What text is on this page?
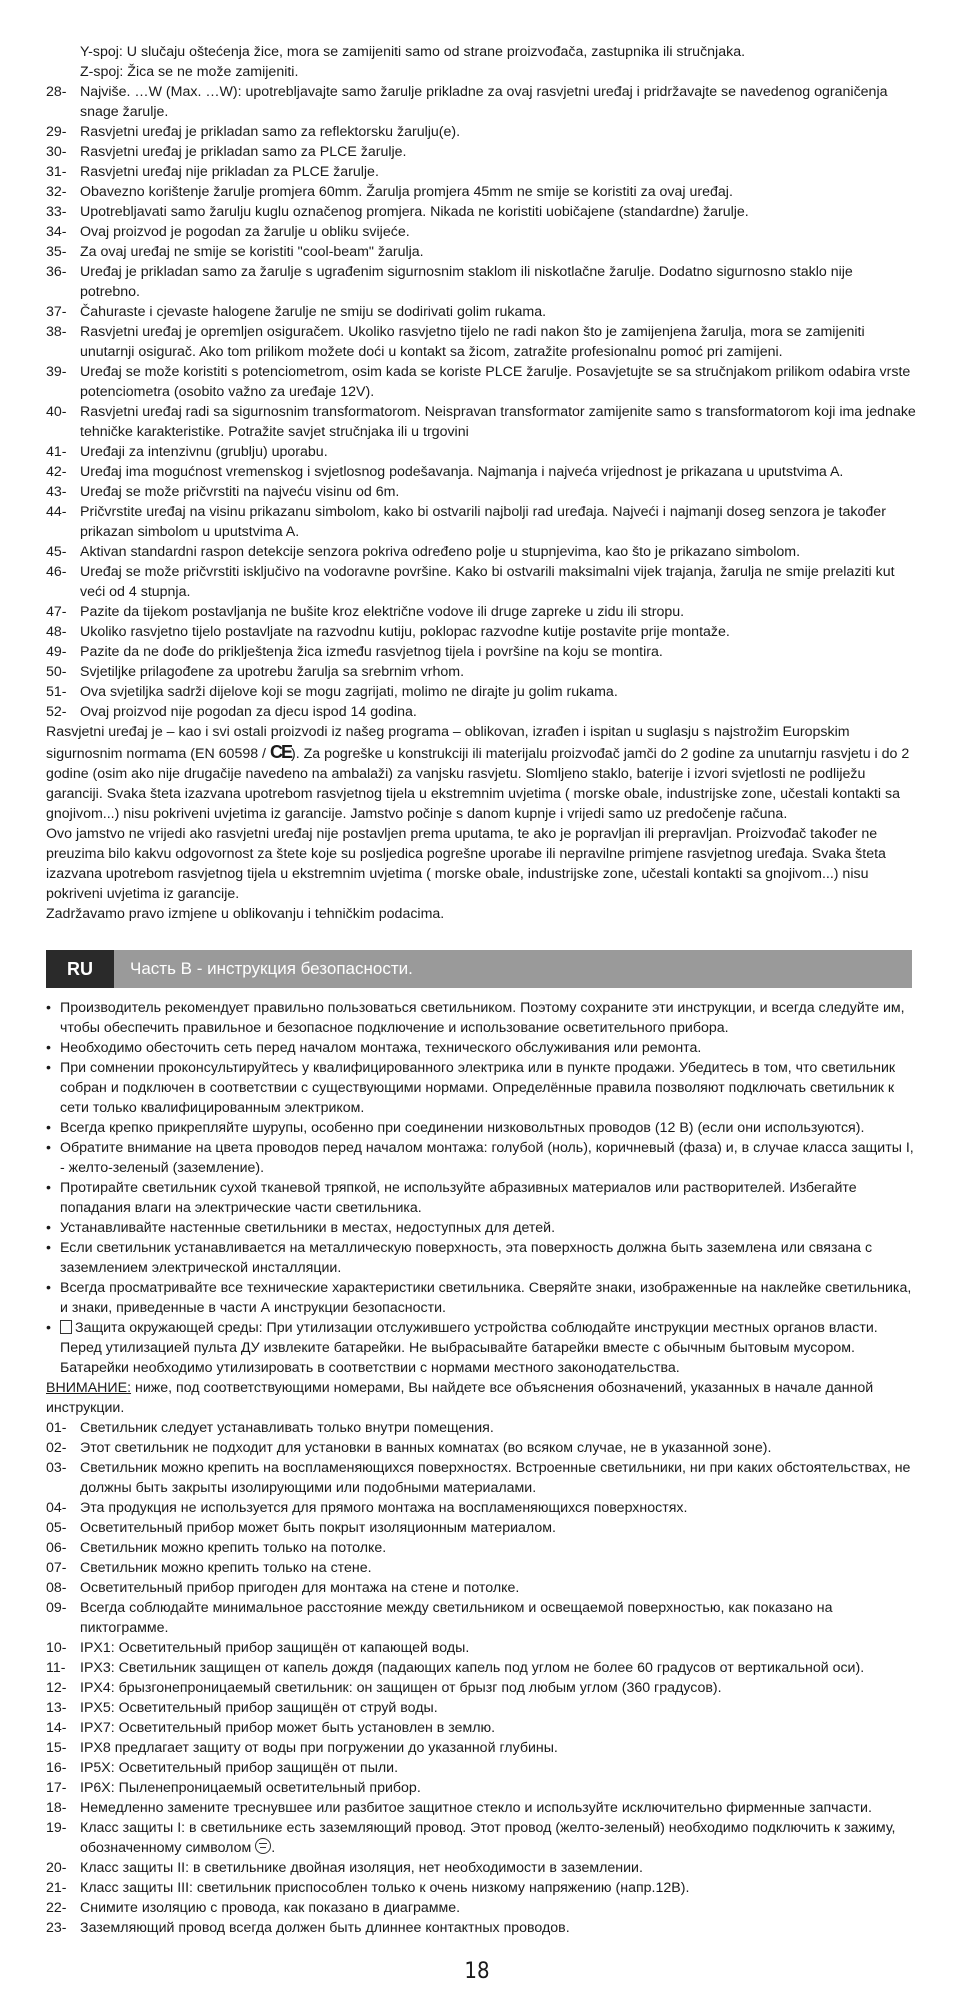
Y-spoj: U slučaju oštećenja žice, mora se zamijeniti samo od strane proizvođača, zastupnika ili stručnjaka.
Z-spoj: Žica se ne može zamijeniti.
28- Najviše. …W (Max. …W): upotrebljavajte samo žarulje prikladne za ovaj rasvjetni uređaj i pridržavajte se navedenog ograničenja snage žarulje.
29- Rasvjetni uređaj je prikladan samo za reflektorsku žarulju(e).
30- Rasvjetni uređaj je prikladan samo za PLCE žarulje.
31- Rasvjetni uređaj nije prikladan za PLCE žarulje.
32- Obavezno korištenje žarulje promjera 60mm. Žarulja promjera 45mm ne smije se koristiti za ovaj uređaj.
33- Upotrebljavati samo žarulju kuglu označenog promjera. Nikada ne koristiti uobičajene (standardne) žarulje.
34- Ovaj proizvod je pogodan za žarulje u obliku svijeće.
35- Za ovaj uređaj ne smije se koristiti "cool-beam" žarulja.
36- Uređaj je prikladan samo za žarulje s ugrađenim sigurnosnim staklom ili niskotlačne žarulje. Dodatno sigurnosno staklo nije potrebno.
37- Čahuraste i cjevaste halogene žarulje ne smiju se dodirivati golim rukama.
38- Rasvjetni uređaj je opremljen osiguračem. Ukoliko rasvjetno tijelo ne radi nakon što je zamijenjena žarulja, mora se zamijeniti unutarnji osigurač. Ako tom prilikom možete doći u kontakt sa žicom, zatražite profesionalnu pomoć pri zamijeni.
39- Uređaj se može koristiti s potenciometrom, osim kada se koriste PLCE žarulje. Posavjetujte se sa stručnjakom prilikom odabira vrste potenciometra (osobito važno za uređaje 12V).
40- Rasvjetni uređaj radi sa sigurnosnim transformatorom. Neispravan transformator zamijenite samo s transformatorom koji ima jednake tehničke karakteristike. Potražite savjet stručnjaka ili u trgovini
41- Uređaji za intenzivnu (grublju) uporabu.
42- Uređaj ima mogućnost vremenskog i svjetlosnog podešavanja. Najmanja i najveća vrijednost je prikazana u uputstvima A.
43- Uređaj se može pričvrstiti na najveću visinu od 6m.
44- Pričvrstite uređaj na visinu prikazanu simbolom, kako bi ostvarili najbolji rad uređaja. Najveći i najmanji doseg senzora je također prikazan simbolom u uputstvima A.
45- Aktivan standardni raspon detekcije senzora pokriva određeno polje u stupnjevima, kao što je prikazano simbolom.
46- Uređaj se može pričvrstiti isključivo na vodoravne površine. Kako bi ostvarili maksimalni vijek trajanja, žarulja ne smije prelaziti kut veći od 4 stupnja.
47- Pazite da tijekom postavljanja ne bušite kroz električne vodove ili druge zapreke u zidu ili stropu.
48- Ukoliko rasvjetno tijelo postavljate na razvodnu kutiju, poklopac razvodne kutije postavite prije montaže.
49- Pazite da ne dođe do priklještenja žica između rasvjetnog tijela i površine na koju se montira.
50- Svjetiljke prilagođene za upotrebu žarulja sa srebrnim vrhom.
51- Ova svjetiljka sadrži dijelove koji se mogu zagrijati, molimo ne dirajte ju golim rukama.
52- Ovaj proizvod nije pogodan za djecu ispod 14 godina.

Rasvjetni uređaj je – kao i svi ostali proizvodi iz našeg programa – oblikovan, izrađen i ispitan u suglasju s najstrožim Europskim sigurnosnim normama (EN 60598 / CE). Za pogreške u konstrukciji ili materijalu proizvođač jamči do 2 godine za unutarnju rasvjetu i do 2 godine (osim ako nije drugačije navedeno na ambalaži) za vanjsku rasvjetu. Slomljeno staklo, baterije i izvori svjetlosti ne podliježu garanciji. Svaka šteta izazvana upotrebom rasvjetnog tijela u ekstremnim uvjetima ( morske obale, industrijske zone, učestali kontakti sa gnojivom...) nisu pokriveni uvjetima iz garancije. Jamstvo počinje s danom kupnje i vrijedi samo uz predočenje računa.

Ovo jamstvo ne vrijedi ako rasvjetni uređaj nije postavljen prema uputama, te ako je popravljan ili prepravljan. Proizvođač također ne preuzima bilo kakvu odgovornost za štete koje su posljedica pogrešne uporabe ili nepravilne primjene rasvjetnog uređaja. Svaka šteta izazvana upotrebom rasvjetnog tijela u ekstremnim uvjetima ( morske obale, industrijske zone, učestali kontakti sa gnojivom...) nisu pokriveni uvjetima iz garancije.

Zadržavamo pravo izmjene u oblikovanju i tehničkim podacima.

RU	Часть В - инструкция безопасности.
• Производитель рекомендует правильно пользоваться светильником. Поэтому сохраните эти инструкции, и всегда следуйте им, чтобы обеспечить правильное и безопасное подключение и использование осветительного прибора.
• Необходимо обесточить сеть перед началом монтажа, технического обслуживания или ремонта.
• При сомнении проконсультируйтесь у квалифицированного электрика или в пункте продажи. Убедитесь в том, что светильник собран и подключен в соответствии с существующими нормами. Определённые правила позволяют подключать светильник к сети только квалифицированным электриком.
• Всегда крепко прикрепляйте шурупы, особенно при соединении низковольтных проводов (12 В) (если они используются).
• Обратите внимание на цвета проводов перед началом монтажа: голубой (ноль), коричневый (фаза) и, в случае класса защиты I, - желто-зеленый (заземление).
• Протирайте светильник сухой тканевой тряпкой, не используйте абразивных материалов или растворителей. Избегайте попадания влаги на электрические части светильника.
• Устанавливайте настенные светильники в местах, недоступных для детей.
• Если светильник устанавливается на металлическую поверхность, эта поверхность должна быть заземлена или связана с заземлением электрической инсталляции.
• Всегда просматривайте все технические характеристики светильника. Сверяйте знаки, изображенные на наклейке светильника, и знаки, приведенные в части А инструкции безопасности.
•	Защита окружающей среды: При утилизации отслужившего устройства соблюдайте инструкции местных органов власти. Перед утилизацией пульта ДУ извлеките батарейки. Не выбрасывайте батарейки вместе с обычным бытовым мусором. Батарейки необходимо утилизировать в соответствии с нормами местного законодательства.

ВНИМАНИЕ: ниже, под соответствующими номерами, Вы найдете все объяснения обозначений, указанных в начале данной инструкции.

01- Светильник следует устанавливать только внутри помещения.
02- Этот светильник не подходит для установки в ванных комнатах (во всяком случае, не в указанной зоне).
03- Светильник можно крепить на воспламеняющихся поверхностях. Встроенные светильники, ни при каких обстоятельствах, не должны быть закрыты изолирующими или подобными материалами.
04- Эта продукция не используется для прямого монтажа на воспламеняющихся поверхностях.
05- Осветительный прибор может быть покрыт изоляционным материалом.
06- Светильник можно крепить только на потолке.
07- Светильник можно крепить только на стене.
08- Осветительный прибор пригоден для монтажа на стене и потолке.
09- Всегда соблюдайте минимальное расстояние между светильником и освещаемой поверхностью, как показано на пиктограмме.
10- IPX1: Осветительный прибор защищён от капающей воды.
11-	IPX3: Светильник защищен от капель дождя (падающих капель под углом не более 60 градусов от вертикальной оси).
12- IPX4: брызгонепроницаемый светильник: он защищен от брызг под любым углом (360 градусов).
13- IPX5: Осветительный прибор защищён от струй воды.
14- IPX7: Осветительный прибор может быть установлен в землю.
15- IPX8 предлагает защиту от воды при погружении до указанной глубины.
16- IP5X: Осветительный прибор защищён от пыли.
17- IP6X: Пыленепроницаемый осветительный прибор.
18- Немедленно замените треснувшее или разбитое защитное стекло и используйте исключительно фирменные запчасти.
19- Класс защиты I: в светильнике есть заземляющий провод. Этот провод (желто-зеленый) необходимо подключить к зажиму, обозначенному символом .
20- Класс защиты II: в светильнике двойная изоляция, нет необходимости в заземлении.
21- Класс защиты III: светильник приспособлен только к очень низкому напряжению (напр.12В).
22- Снимите изоляцию с провода, как показано в диаграмме.
23- Заземляющий провод всегда должен быть длиннее контактных проводов.
18
